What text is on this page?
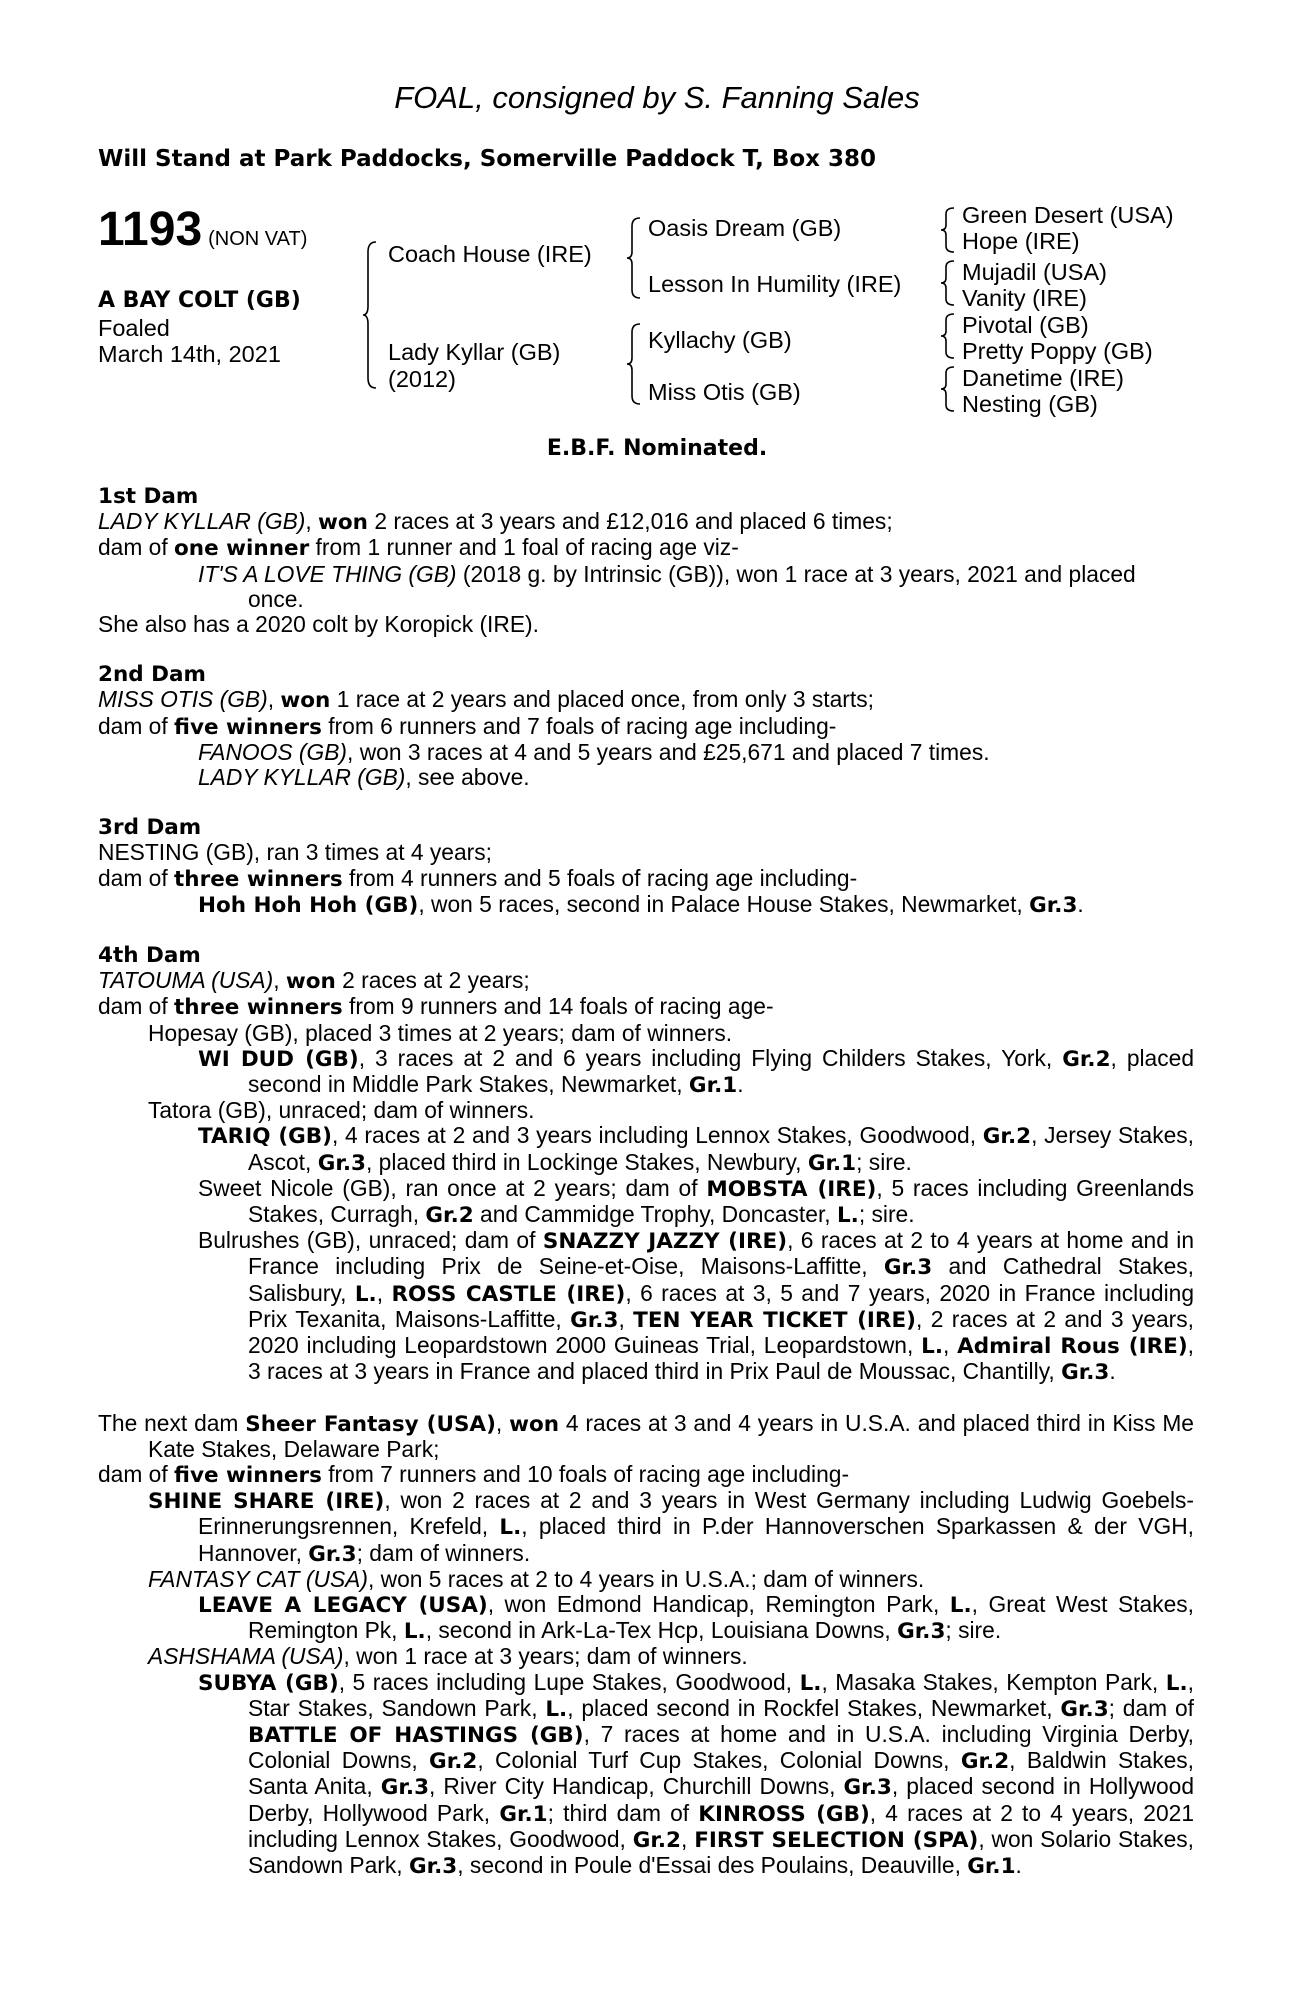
FOAL, consigned by S. Fanning Sales
Will Stand at Park Paddocks, Somerville Paddock T, Box 380
1193 (NON VAT)
A BAY COLT (GB)
Foaled
March 14th, 2021
Coach House (IRE)
Lady Kyllar (GB)
(2012)
Oasis Dream (GB)
Lesson In Humility (IRE)
Kyllachy (GB)
Miss Otis (GB)
Green Desert (USA)
Hope (IRE)
Mujadil (USA)
Vanity (IRE)
Pivotal (GB)
Pretty Poppy (GB)
Danetime (IRE)
Nesting (GB)
E.B.F. Nominated.
1st Dam
LADY KYLLAR (GB), won 2 races at 3 years and £12,016 and placed 6 times;
dam of one winner from 1 runner and 1 foal of racing age viz-
IT'S A LOVE THING (GB) (2018 g. by Intrinsic (GB)), won 1 race at 3 years, 2021 and placed once.
She also has a 2020 colt by Koropick (IRE).
2nd Dam
MISS OTIS (GB), won 1 race at 2 years and placed once, from only 3 starts;
dam of five winners from 6 runners and 7 foals of racing age including-
FANOOS (GB), won 3 races at 4 and 5 years and £25,671 and placed 7 times.
LADY KYLLAR (GB), see above.
3rd Dam
NESTING (GB), ran 3 times at 4 years;
dam of three winners from 4 runners and 5 foals of racing age including-
Hoh Hoh Hoh (GB), won 5 races, second in Palace House Stakes, Newmarket, Gr.3.
4th Dam
TATOUMA (USA), won 2 races at 2 years;
dam of three winners from 9 runners and 14 foals of racing age-
Hopesay (GB), placed 3 times at 2 years; dam of winners.
WI DUD (GB), 3 races at 2 and 6 years including Flying Childers Stakes, York, Gr.2, placed second in Middle Park Stakes, Newmarket, Gr.1.
Tatora (GB), unraced; dam of winners.
TARIQ (GB), 4 races at 2 and 3 years including Lennox Stakes, Goodwood, Gr.2, Jersey Stakes, Ascot, Gr.3, placed third in Lockinge Stakes, Newbury, Gr.1; sire.
Sweet Nicole (GB), ran once at 2 years; dam of MOBSTA (IRE), 5 races including Greenlands Stakes, Curragh, Gr.2 and Cammidge Trophy, Doncaster, L.; sire.
Bulrushes (GB), unraced; dam of SNAZZY JAZZY (IRE), 6 races at 2 to 4 years at home and in France including Prix de Seine-et-Oise, Maisons-Laffitte, Gr.3 and Cathedral Stakes, Salisbury, L., ROSS CASTLE (IRE), 6 races at 3, 5 and 7 years, 2020 in France including Prix Texanita, Maisons-Laffitte, Gr.3, TEN YEAR TICKET (IRE), 2 races at 2 and 3 years, 2020 including Leopardstown 2000 Guineas Trial, Leopardstown, L., Admiral Rous (IRE), 3 races at 3 years in France and placed third in Prix Paul de Moussac, Chantilly, Gr.3.
The next dam Sheer Fantasy (USA), won 4 races at 3 and 4 years in U.S.A. and placed third in Kiss Me Kate Stakes, Delaware Park;
dam of five winners from 7 runners and 10 foals of racing age including-
SHINE SHARE (IRE), won 2 races at 2 and 3 years in West Germany including Ludwig Goebels-Erinnerungsrennen, Krefeld, L., placed third in P.der Hannoverschen Sparkassen & der VGH, Hannover, Gr.3; dam of winners.
FANTASY CAT (USA), won 5 races at 2 to 4 years in U.S.A.; dam of winners.
LEAVE A LEGACY (USA), won Edmond Handicap, Remington Park, L., Great West Stakes, Remington Pk, L., second in Ark-La-Tex Hcp, Louisiana Downs, Gr.3; sire.
ASHSHAMA (USA), won 1 race at 3 years; dam of winners.
SUBYA (GB), 5 races including Lupe Stakes, Goodwood, L., Masaka Stakes, Kempton Park, L., Star Stakes, Sandown Park, L., placed second in Rockfel Stakes, Newmarket, Gr.3; dam of BATTLE OF HASTINGS (GB), 7 races at home and in U.S.A. including Virginia Derby, Colonial Downs, Gr.2, Colonial Turf Cup Stakes, Colonial Downs, Gr.2, Baldwin Stakes, Santa Anita, Gr.3, River City Handicap, Churchill Downs, Gr.3, placed second in Hollywood Derby, Hollywood Park, Gr.1; third dam of KINROSS (GB), 4 races at 2 to 4 years, 2021 including Lennox Stakes, Goodwood, Gr.2, FIRST SELECTION (SPA), won Solario Stakes, Sandown Park, Gr.3, second in Poule d'Essai des Poulains, Deauville, Gr.1.
